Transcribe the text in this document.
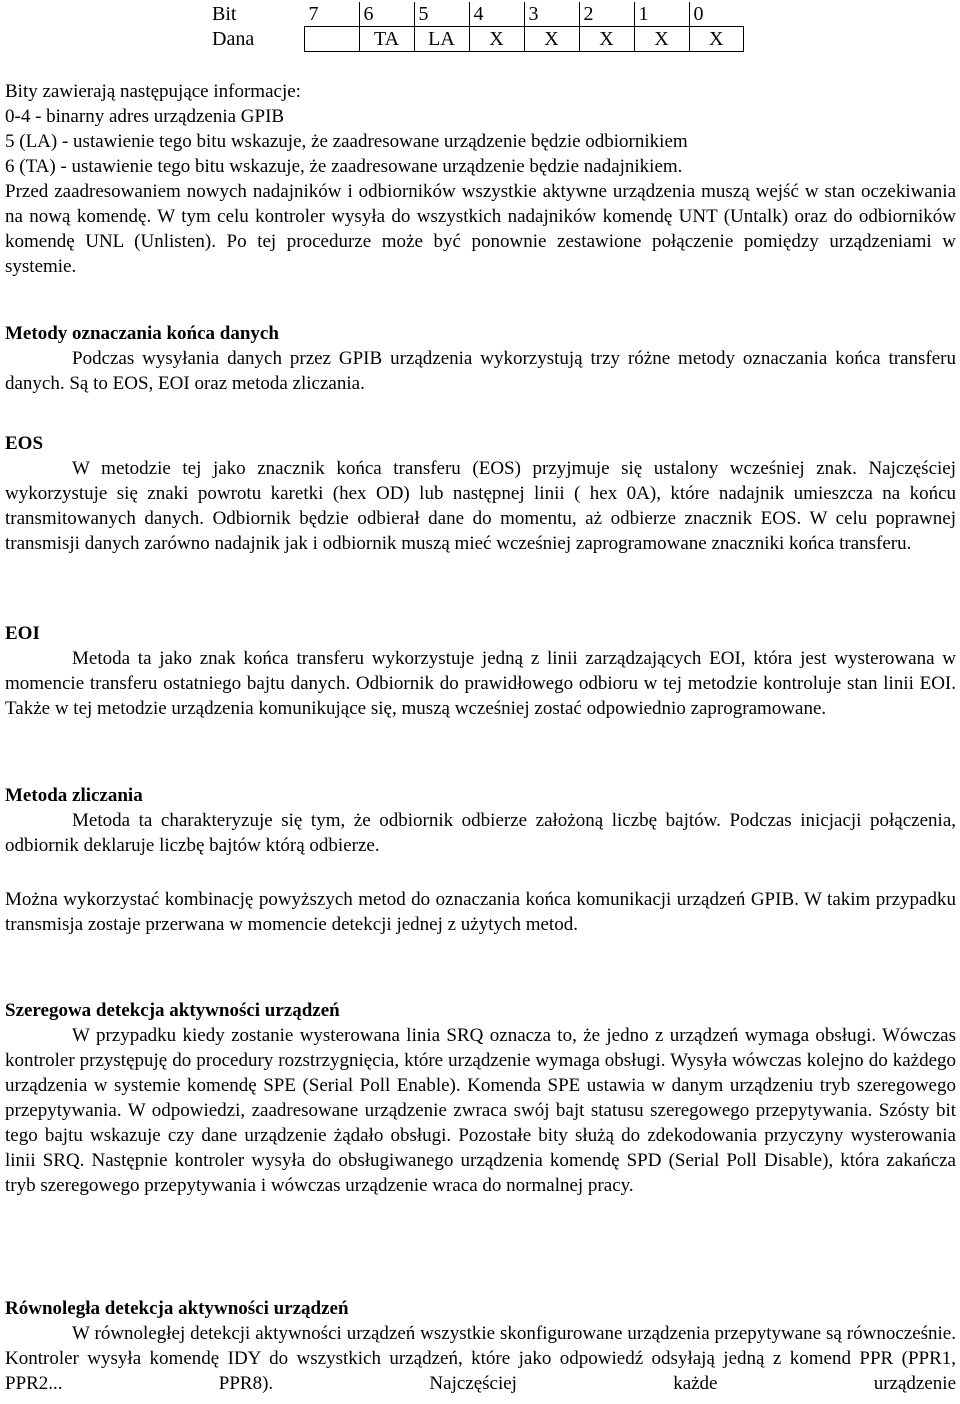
Bit	7	6	5	4	3	2	1	0
Dana		TA	LA	X	X	X	X	X

Bity zawierają następujące informacje:

0-4 - binarny adres urządzenia GPIB

5 (LA) - ustawienie tego bitu wskazuje, że zaadresowane urządzenie będzie odbiornikiem

6 (TA) - ustawienie tego bitu wskazuje, że zaadresowane urządzenie będzie nadajnikiem.

Przed zaadresowaniem nowych nadajników i odbiorników wszystkie aktywne urządzenia muszą wejść w stan oczekiwania na nową komendę. W tym celu kontroler wysyła do wszystkich nadajników komendę UNT (Untalk) oraz do odbiorników komendę UNL (Unlisten). Po tej procedurze może być ponownie zestawione połączenie pomiędzy urządzeniami w systemie.

Metody oznaczania końca danych

Podczas wysyłania danych przez GPIB urządzenia wykorzystują trzy różne metody oznaczania końca transferu danych. Są to EOS, EOI oraz metoda zliczania.

EOS

W metodzie tej jako znacznik końca transferu (EOS) przyjmuje się ustalony wcześniej znak. Najczęściej wykorzystuje się znaki powrotu karetki (hex OD) lub następnej linii ( hex 0A), które nadajnik umieszcza na końcu transmitowanych danych. Odbiornik będzie odbierał dane do momentu, aż odbierze znacznik EOS. W celu poprawnej transmisji danych zarówno nadajnik jak i odbiornik muszą mieć wcześniej zaprogramowane znaczniki końca transferu.

EOI

Metoda ta jako znak końca transferu wykorzystuje jedną z linii zarządzających EOI, która jest wysterowana w momencie transferu ostatniego bajtu danych. Odbiornik do prawidłowego odbioru w tej metodzie kontroluje stan linii EOI. Także w tej metodzie urządzenia komunikujące się, muszą wcześniej zostać odpowiednio zaprogramowane.

Metoda zliczania

Metoda ta charakteryzuje się tym, że odbiornik odbierze założoną liczbę bajtów. Podczas inicjacji połączenia, odbiornik deklaruje liczbę bajtów którą odbierze.

Można wykorzystać kombinację powyższych metod do oznaczania końca komunikacji urządzeń GPIB. W takim przypadku transmisja zostaje przerwana w momencie detekcji jednej z użytych metod.

Szeregowa detekcja aktywności urządzeń

W przypadku kiedy zostanie wysterowana linia SRQ oznacza to, że jedno z urządzeń wymaga obsługi. Wówczas kontroler przystępuję do procedury rozstrzygnięcia, które urządzenie wymaga obsługi. Wysyła wówczas kolejno do każdego urządzenia w systemie komendę SPE (Serial Poll Enable). Komenda SPE ustawia w danym urządzeniu tryb szeregowego przepytywania. W odpowiedzi, zaadresowane urządzenie zwraca swój bajt statusu szeregowego przepytywania. Szósty bit tego bajtu wskazuje czy dane urządzenie żądało obsługi. Pozostałe bity służą do zdekodowania przyczyny wysterowania linii SRQ. Następnie kontroler wysyła do obsługiwanego urządzenia komendę SPD (Serial Poll Disable), która zakańcza tryb szeregowego przepytywania i wówczas urządzenie wraca do normalnej pracy.

Równoległa detekcja aktywności urządzeń

W równoległej detekcji aktywności urządzeń wszystkie skonfigurowane urządzenia przepytywane są równocześnie. Kontroler wysyła komendę IDY do wszystkich urządzeń, które jako odpowiedź odsyłają jedną z komend PPR (PPR1, PPR2... PPR8). Najczęściej każde urządzenie
